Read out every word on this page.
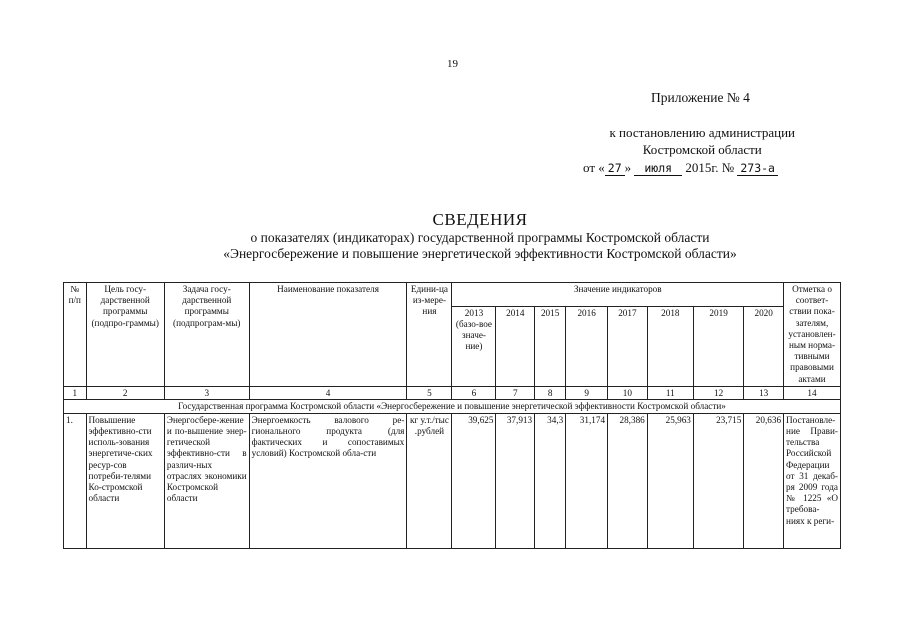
19
Приложение № 4
к постановлению администрации
Костромской области
от « 27 » июля 2015г. № 273-а
СВЕДЕНИЯ
о показателях (индикаторах) государственной программы Костромской области
«Энергосбережение и повышение энергетической эффективности Костромской области»
№ п/п	Цель госу-дарственной программы (подпро-граммы)	Задача госу-дарственной программы (подпрограм-мы)	Наименование показателя	Едини-ца из-мере-ния	Значение индикаторов								Отметка о соответ-ствии пока-зателям, установлен-ным норма-тивными правовыми актами
					2013 (базо-вое значе-ние)	2014	2015	2016	2017	2018	2019	2020	
1	2	3	4	5	6	7	8	9	10	11	12	13	14
Государственная программа Костромской области «Энергосбережение и повышение энергетической эффективности Костромской области»													
1.	Повышение эффективно-сти исполь-зования энергетиче-ских ресур-сов потреби-телями Ко-стромской области	Энергосбере-жение и по-вышение энер-гетической эффективно-сти в различ-ных отраслях экономики Костромской области	Энергоемкость валового ре-гионального продукта (для фактических и сопоставимых условий) Костромской обла-сти	кг у.т./тыс .рублей	39,625	37,913	34,3	31,174	28,386	25,963	23,715	20,636	Постановле-ние Прави-тельства Российской Федерации от 31 декаб-ря 2009 года № 1225 «О требова-ниях к реги-
